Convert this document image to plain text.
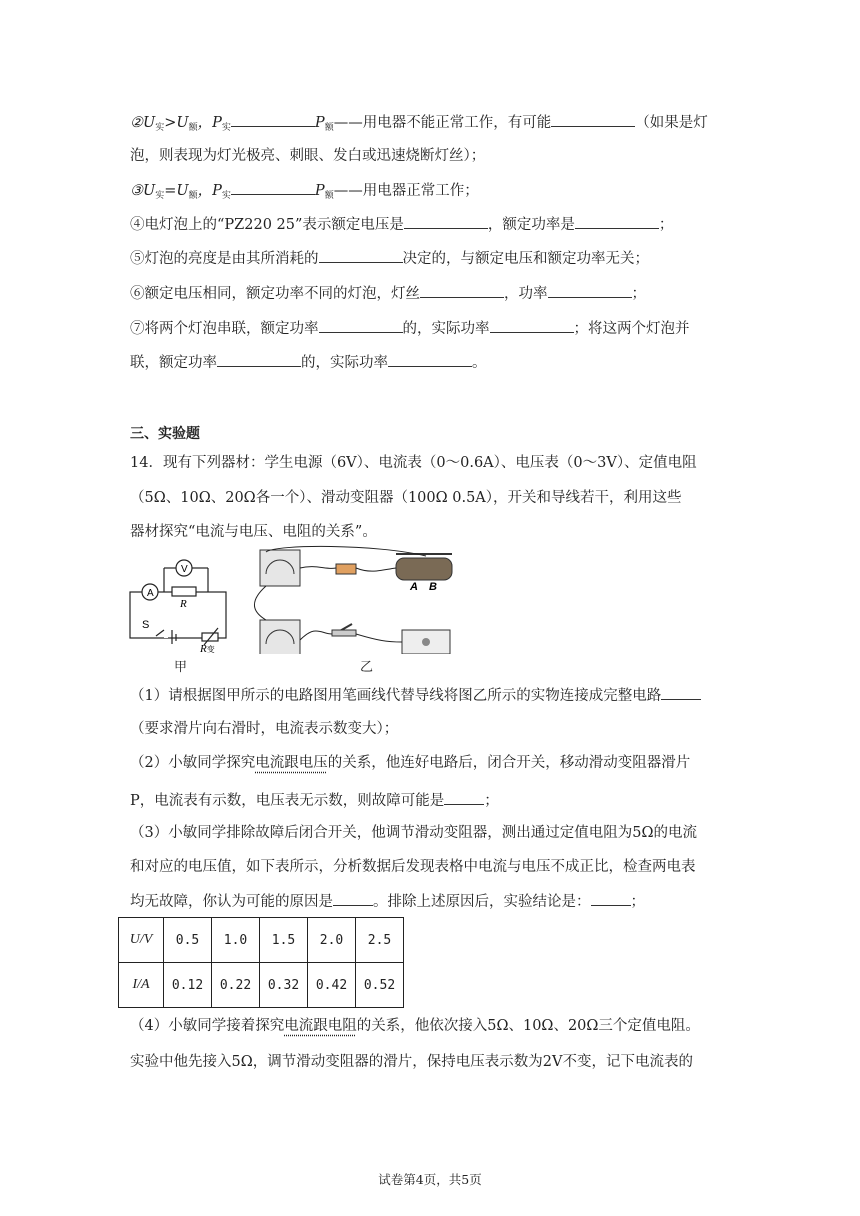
$②U_实>U_额$，$P_实$	$P_额——$用电器不能正常工作，有可能	（如果是灯
泡，则表现为灯光极亮、刺眼、发白或迅速烧断灯丝）；
$③U_实=U_额$，$P_实$	$P_额——$用电器正常工作；
④电灯泡上的“PZ220 25”表示额定电压是	，额定功率是	；
⑤灯泡的亮度是由其所消耗的	决定的，与额定电压和额定功率无关；
⑥额定电压相同，额定功率不同的灯泡，灯丝	，功率	；
⑦将两个灯泡串联，额定功率	的，实际功率	；将这两个灯泡并
联，额定功率	的，实际功率	。
三、实验题
14．现有下列器材：学生电源（6V）、电流表（0～0.6A）、电压表（0～3V）、定值电阻
（5Ω、10Ω、20Ω各一个）、滑动变阻器（100Ω 0.5A），开关和导线若干，利用这些
器材探究“电流与电压、电阻的关系”。
A
V
R
S
R变
A B
甲	乙
（1）请根据图甲所示的电路图用笔画线代替导线将图乙所示的实物连接成完整电路
（要求滑片向右滑时，电流表示数变大）；
（2）小敏同学探究电流跟电压的关系，他连好电路后，闭合开关，移动滑动变阻器滑片
P，电流表有示数，电压表无示数，则故障可能是	；
（3）小敏同学排除故障后闭合开关，他调节滑动变阻器，测出通过定值电阻为5Ω的电流
和对应的电压值，如下表所示，分析数据后发现表格中电流与电压不成正比，检查两电表
均无故障，你认为可能的原因是	。排除上述原因后，实验结论是：	；
U/V	0.5	1.0	1.5	2.0	2.5
I/A	0.12	0.22	0.32	0.42	0.52
（4）小敏同学接着探究电流跟电阻的关系，他依次接入5Ω、10Ω、20Ω三个定值电阻。
实验中他先接入5Ω，调节滑动变阻器的滑片，保持电压表示数为2V不变，记下电流表的
试卷第4页，共5页
